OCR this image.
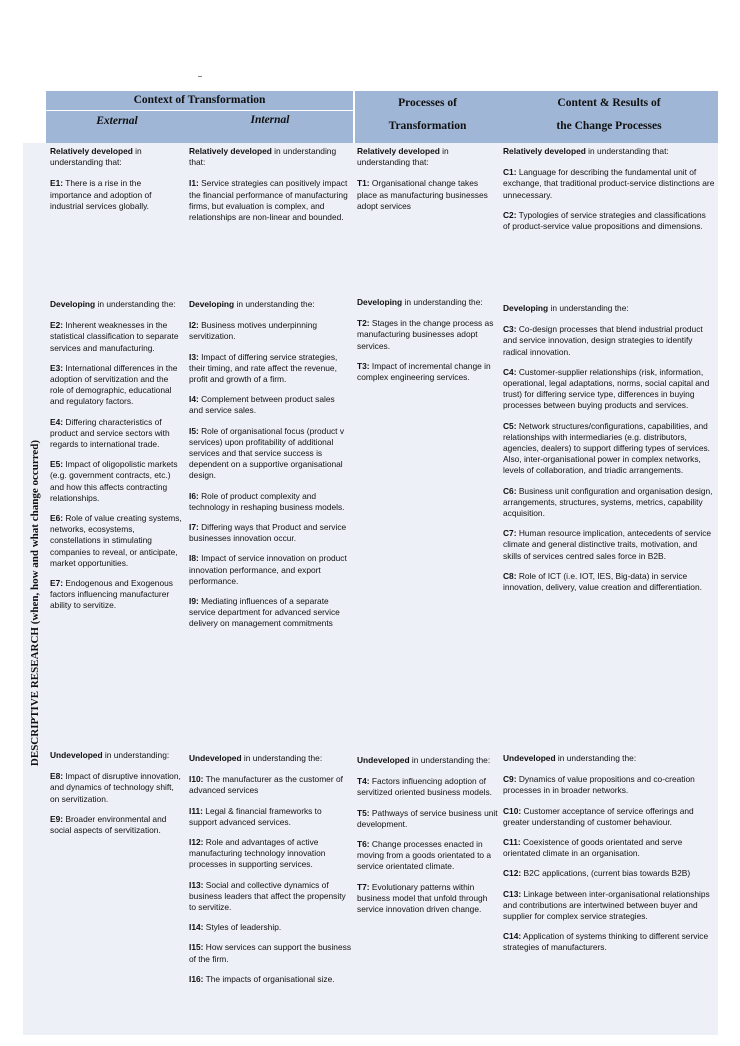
Context of Transformation
External	Internal
Processes of
Transformation
Content & Results of
the Change Processes
DESCRIPTIVE RESEARCH (when, how and what change occurred)

Relatively developed in understanding that:

E1: There is a rise in the importance and adoption of industrial services globally.

Relatively developed in understanding that:

I1: Service strategies can positively impact the financial performance of manufacturing firms, but evaluation is complex, and relationships are non-linear and bounded.

Relatively developed in understanding that:

T1: Organisational change takes place as manufacturing businesses adopt services

Relatively developed in understanding that:

C1: Language for describing the fundamental unit of exchange, that traditional product-service distinctions are unnecessary.

C2: Typologies of service strategies and classifications of product-service value propositions and dimensions.

Developing in understanding the:

E2: Inherent weaknesses in the statistical classification to separate services and manufacturing.

E3: International differences in the adoption of servitization and the role of demographic, educational and regulatory factors.

E4: Differing characteristics of product and service sectors with regards to international trade.

E5: Impact of oligopolistic markets (e.g. government contracts, etc.) and how this affects contracting relationships.

E6: Role of value creating systems, networks, ecosystems, constellations in stimulating companies to reveal, or anticipate, market opportunities.

E7: Endogenous and Exogenous factors influencing manufacturer ability to servitize.

Developing in understanding the:

I2: Business motives underpinning servitization.

I3: Impact of differing service strategies, their timing, and rate affect the revenue, profit and growth of a firm.

I4: Complement between product sales and service sales.

I5: Role of organisational focus (product v services) upon profitability of additional services and that service success is dependent on a supportive organisational design.

I6: Role of product complexity and technology in reshaping business models.

I7: Differing ways that Product and service businesses innovation occur.

I8: Impact of service innovation on product innovation performance, and export performance.

I9: Mediating influences of a separate service department for advanced service delivery on management commitments

Developing in understanding the:

T2: Stages in the change process as manufacturing businesses adopt services.

T3: Impact of incremental change in complex engineering services.

Developing in understanding the:

C3: Co-design processes that blend industrial product and service innovation, design strategies to identify radical innovation.

C4: Customer-supplier relationships (risk, information, operational, legal adaptations, norms, social capital and trust) for differing service type, differences in buying processes between buying products and services.

C5: Network structures/configurations, capabilities, and relationships with intermediaries (e.g. distributors, agencies, dealers) to support differing types of services. Also, inter-organisational power in complex networks, levels of collaboration, and triadic arrangements.

C6: Business unit configuration and organisation design, arrangements, structures, systems, metrics, capability acquisition.

C7: Human resource implication, antecedents of service climate and general distinctive traits, motivation, and skills of services centred sales force in B2B.

C8: Role of ICT (i.e. IOT, IES, Big-data) in service innovation, delivery, value creation and differentiation.

Undeveloped in understanding:

E8: Impact of disruptive innovation, and dynamics of technology shift, on servitization.

E9: Broader environmental and social aspects of servitization.

Undeveloped in understanding the:

I10: The manufacturer as the customer of advanced services

I11: Legal & financial frameworks to support advanced services.

I12: Role and advantages of active manufacturing technology innovation processes in supporting services.

I13: Social and collective dynamics of business leaders that affect the propensity to servitize.

I14: Styles of leadership.

I15: How services can support the business of the firm.

I16: The impacts of organisational size.

Undeveloped in understanding the:

T4: Factors influencing adoption of servitized oriented business models.

T5: Pathways of service business unit development.

T6: Change processes enacted in moving from a goods orientated to a service orientated climate.

T7: Evolutionary patterns within business model that unfold through service innovation driven change.

Undeveloped in understanding the:

C9: Dynamics of value propositions and co-creation processes in in broader networks.

C10: Customer acceptance of service offerings and greater understanding of customer behaviour.

C11: Coexistence of goods orientated and serve orientated climate in an organisation.

C12: B2C applications, (current bias towards B2B)

C13: Linkage between inter-organisational relationships and contributions are intertwined between buyer and supplier for complex service strategies.

C14: Application of systems thinking to different service strategies of manufacturers.
